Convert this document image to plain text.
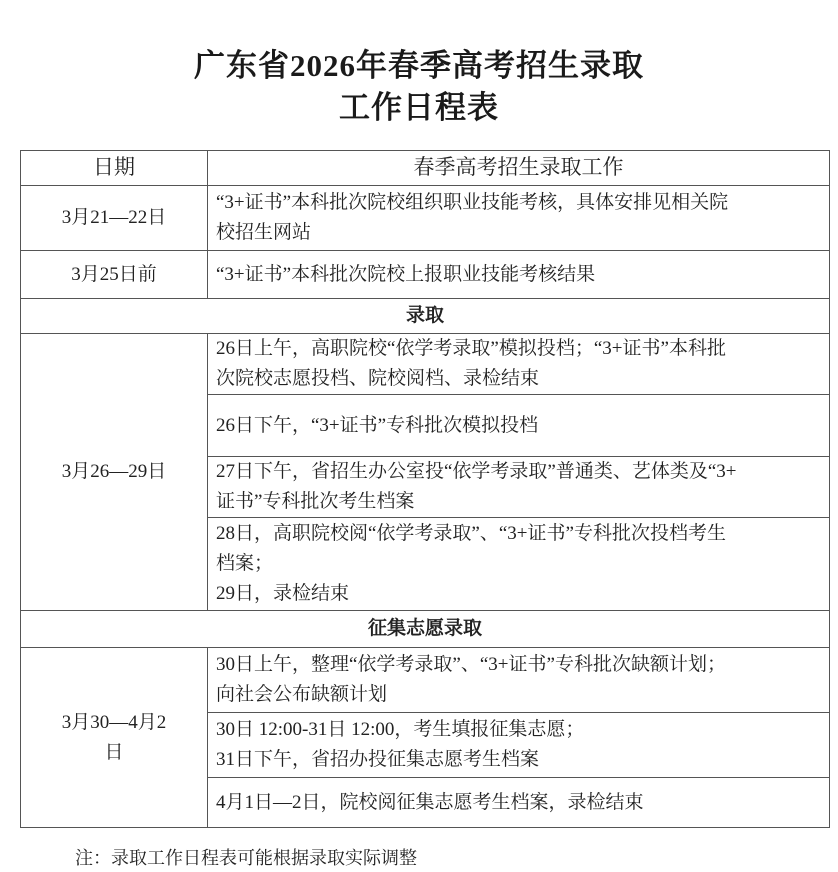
广东省2026年春季高考招生录取
工作日程表
日期	春季高考招生录取工作
3月21—22日	“3+证书”本科批次院校组织职业技能考核，具体安排见相关院
校招生网站

3月25日前	“3+证书”本科批次院校上报职业技能考核结果

录取	
3月26—29日	26日上午，高职院校“依学考录取”模拟投档；“3+证书”本科批
次院校志愿投档、院校阅档、录检结束

	26日下午，“3+证书”专科批次模拟投档

	27日下午，省招生办公室投“依学考录取”普通类、艺体类及“3+
证书”专科批次考生档案

	28日，高职院校阅“依学考录取”、“3+证书”专科批次投档考生
档案；
29日，录检结束

征集志愿录取	

3月30—4月2
日	30日上午，整理“依学考录取”、“3+证书”专科批次缺额计划；
向社会公布缺额计划

	30日 12:00-31日 12:00，考生填报征集志愿；
31日下午，省招办投征集志愿考生档案

	4月1日—2日，院校阅征集志愿考生档案，录检结束
注：录取工作日程表可能根据录取实际调整
